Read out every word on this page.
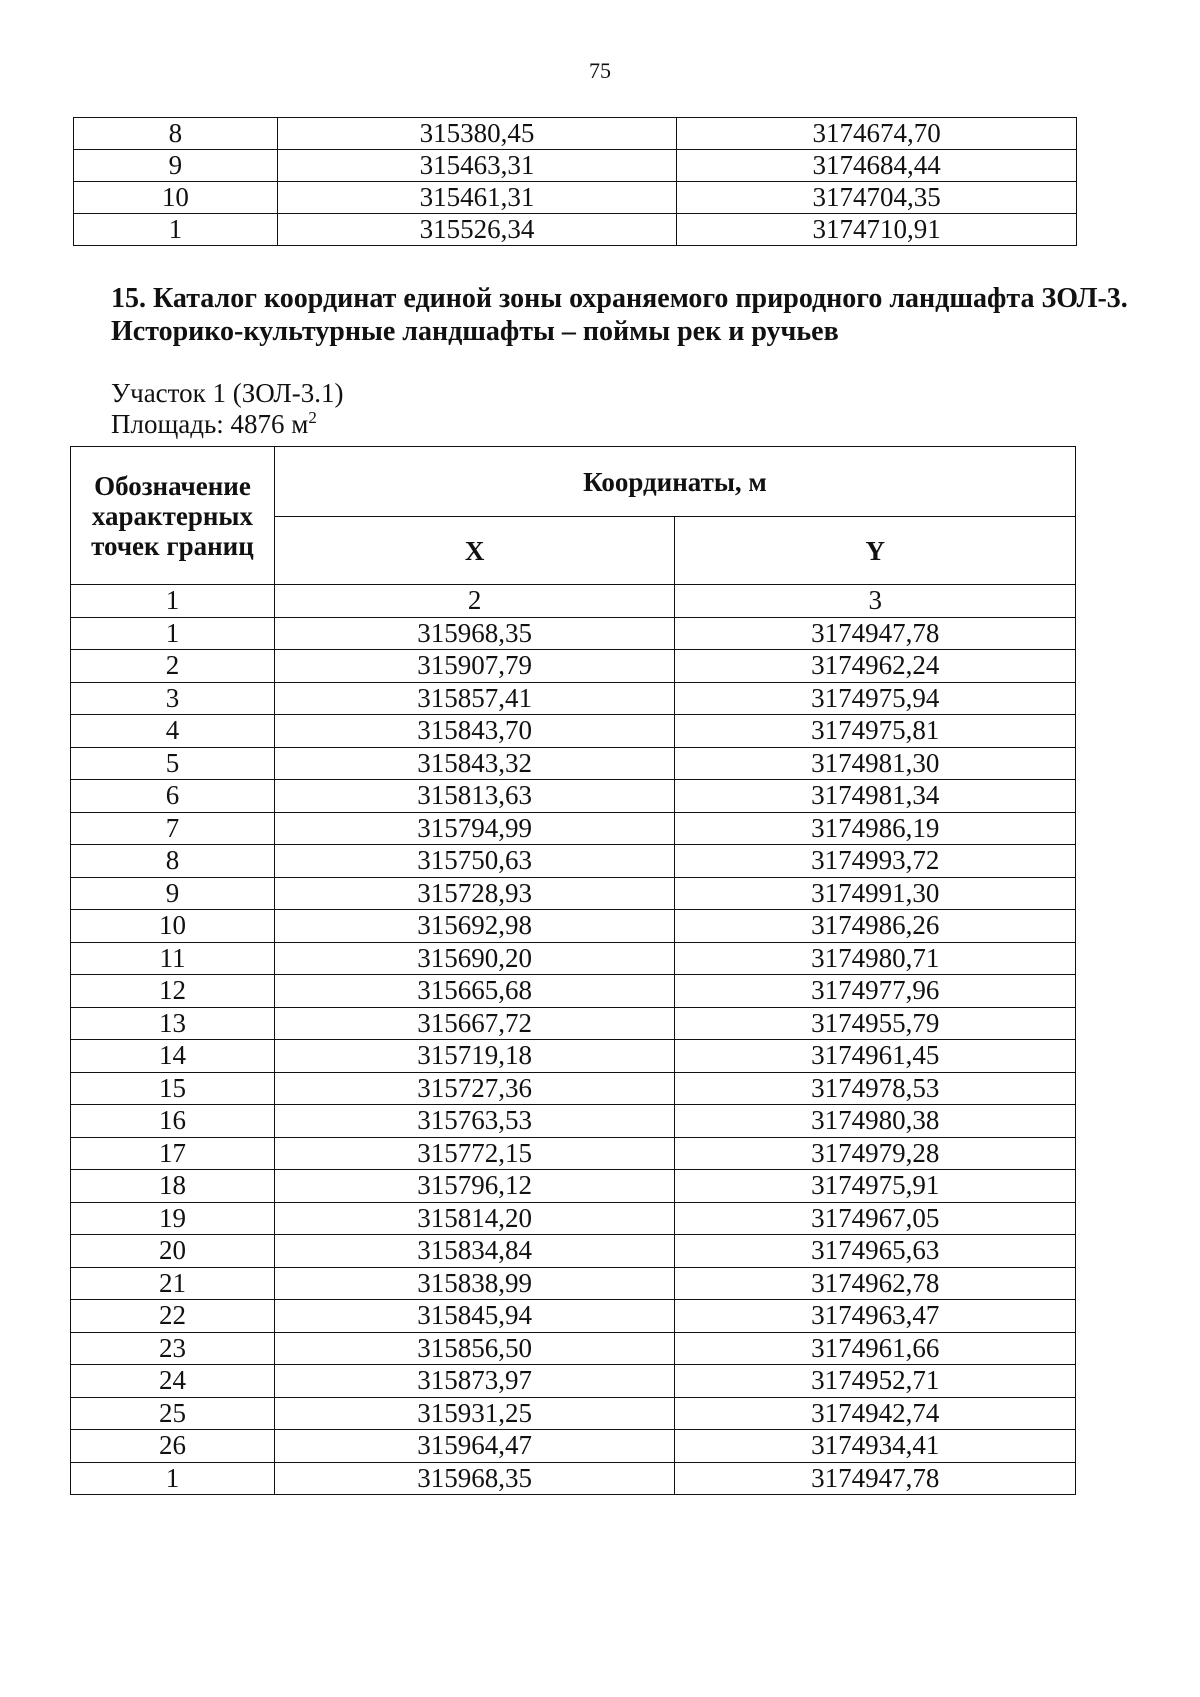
75
8	315380,45	3174674,70
9	315463,31	3174684,44
10	315461,31	3174704,35
1	315526,34	3174710,91
15. Каталог координат единой зоны охраняемого природного ландшафта ЗОЛ-3. Историко-культурные ландшафты – поймы рек и ручьев
Участок 1 (ЗОЛ-3.1)
Площадь: 4876 $м^2$
Обозначение характерных точек границ	Координаты, м	
	X	Y
1	2	3
1	315968,35	3174947,78
2	315907,79	3174962,24
3	315857,41	3174975,94
4	315843,70	3174975,81
5	315843,32	3174981,30
6	315813,63	3174981,34
7	315794,99	3174986,19
8	315750,63	3174993,72
9	315728,93	3174991,30
10	315692,98	3174986,26
11	315690,20	3174980,71
12	315665,68	3174977,96
13	315667,72	3174955,79
14	315719,18	3174961,45
15	315727,36	3174978,53
16	315763,53	3174980,38
17	315772,15	3174979,28
18	315796,12	3174975,91
19	315814,20	3174967,05
20	315834,84	3174965,63
21	315838,99	3174962,78
22	315845,94	3174963,47
23	315856,50	3174961,66
24	315873,97	3174952,71
25	315931,25	3174942,74
26	315964,47	3174934,41
1	315968,35	3174947,78
